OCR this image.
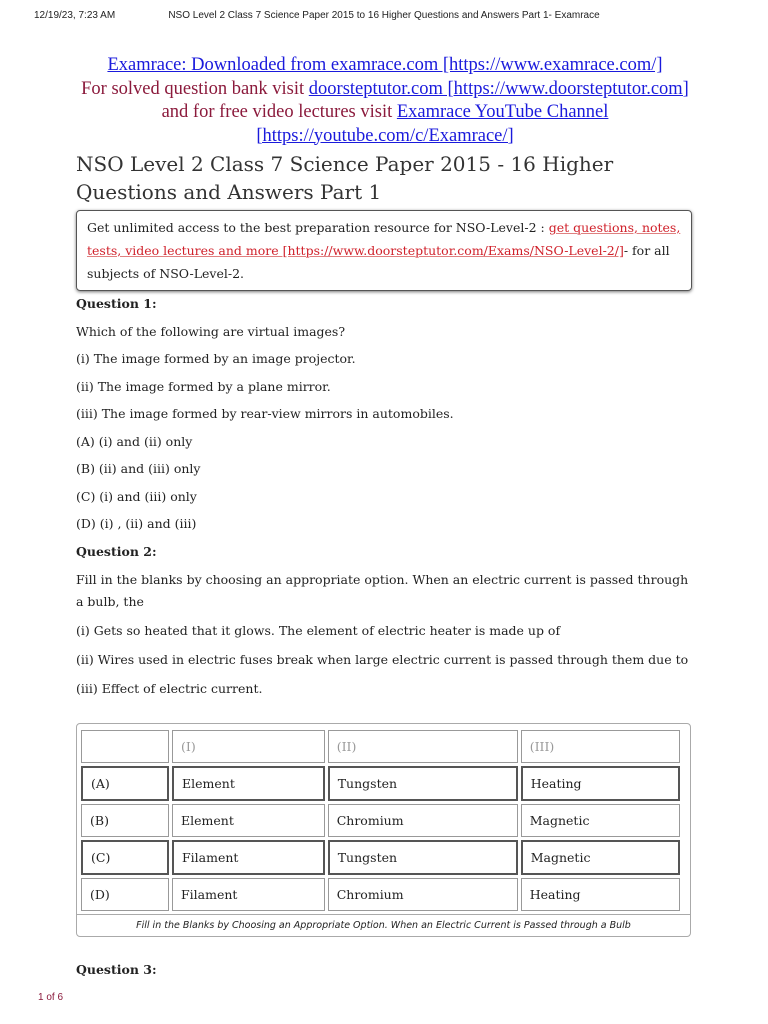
NSO Level 2 Class 7 Science Paper 2015 to 16 Higher Questions and Answers Part 1- Examrace
12/19/23, 7:23 AM
Examrace: Downloaded from examrace.com [https://www.examrace.com/]
For solved question bank visit doorsteptutor.com [https://www.doorsteptutor.com] and for free video lectures visit Examrace YouTube Channel [https://youtube.com/c/Examrace/]
NSO Level 2 Class 7 Science Paper 2015 - 16 Higher Questions and Answers Part 1
Get unlimited access to the best preparation resource for NSO-Level-2 : get questions, notes, tests, video lectures and more [https://www.doorsteptutor.com/Exams/NSO-Level-2/]- for all subjects of NSO-Level-2.

Question 1:

Which of the following are virtual images?

(i) The image formed by an image projector.

(ii) The image formed by a plane mirror.

(iii) The image formed by rear-view mirrors in automobiles.

(A) (i) and (ii) only

(B) (ii) and (iii) only

(C) (i) and (iii) only

(D) (i) , (ii) and (iii)

Question 2:

Fill in the blanks by choosing an appropriate option. When an electric current is passed through a bulb, the

(i) Gets so heated that it glows. The element of electric heater is made up of

(ii) Wires used in electric fuses break when large electric current is passed through them due to

(iii) Effect of electric current.

	(I)	(II)	(III)
(A)	Element	Tungsten	Heating
(B)	Element	Chromium	Magnetic
(C)	Filament	Tungsten	Magnetic
(D)	Filament	Chromium	Heating
Fill in the Blanks by Choosing an Appropriate Option. When an Electric Current is Passed through a Bulb
Question 3:
1 of 6
